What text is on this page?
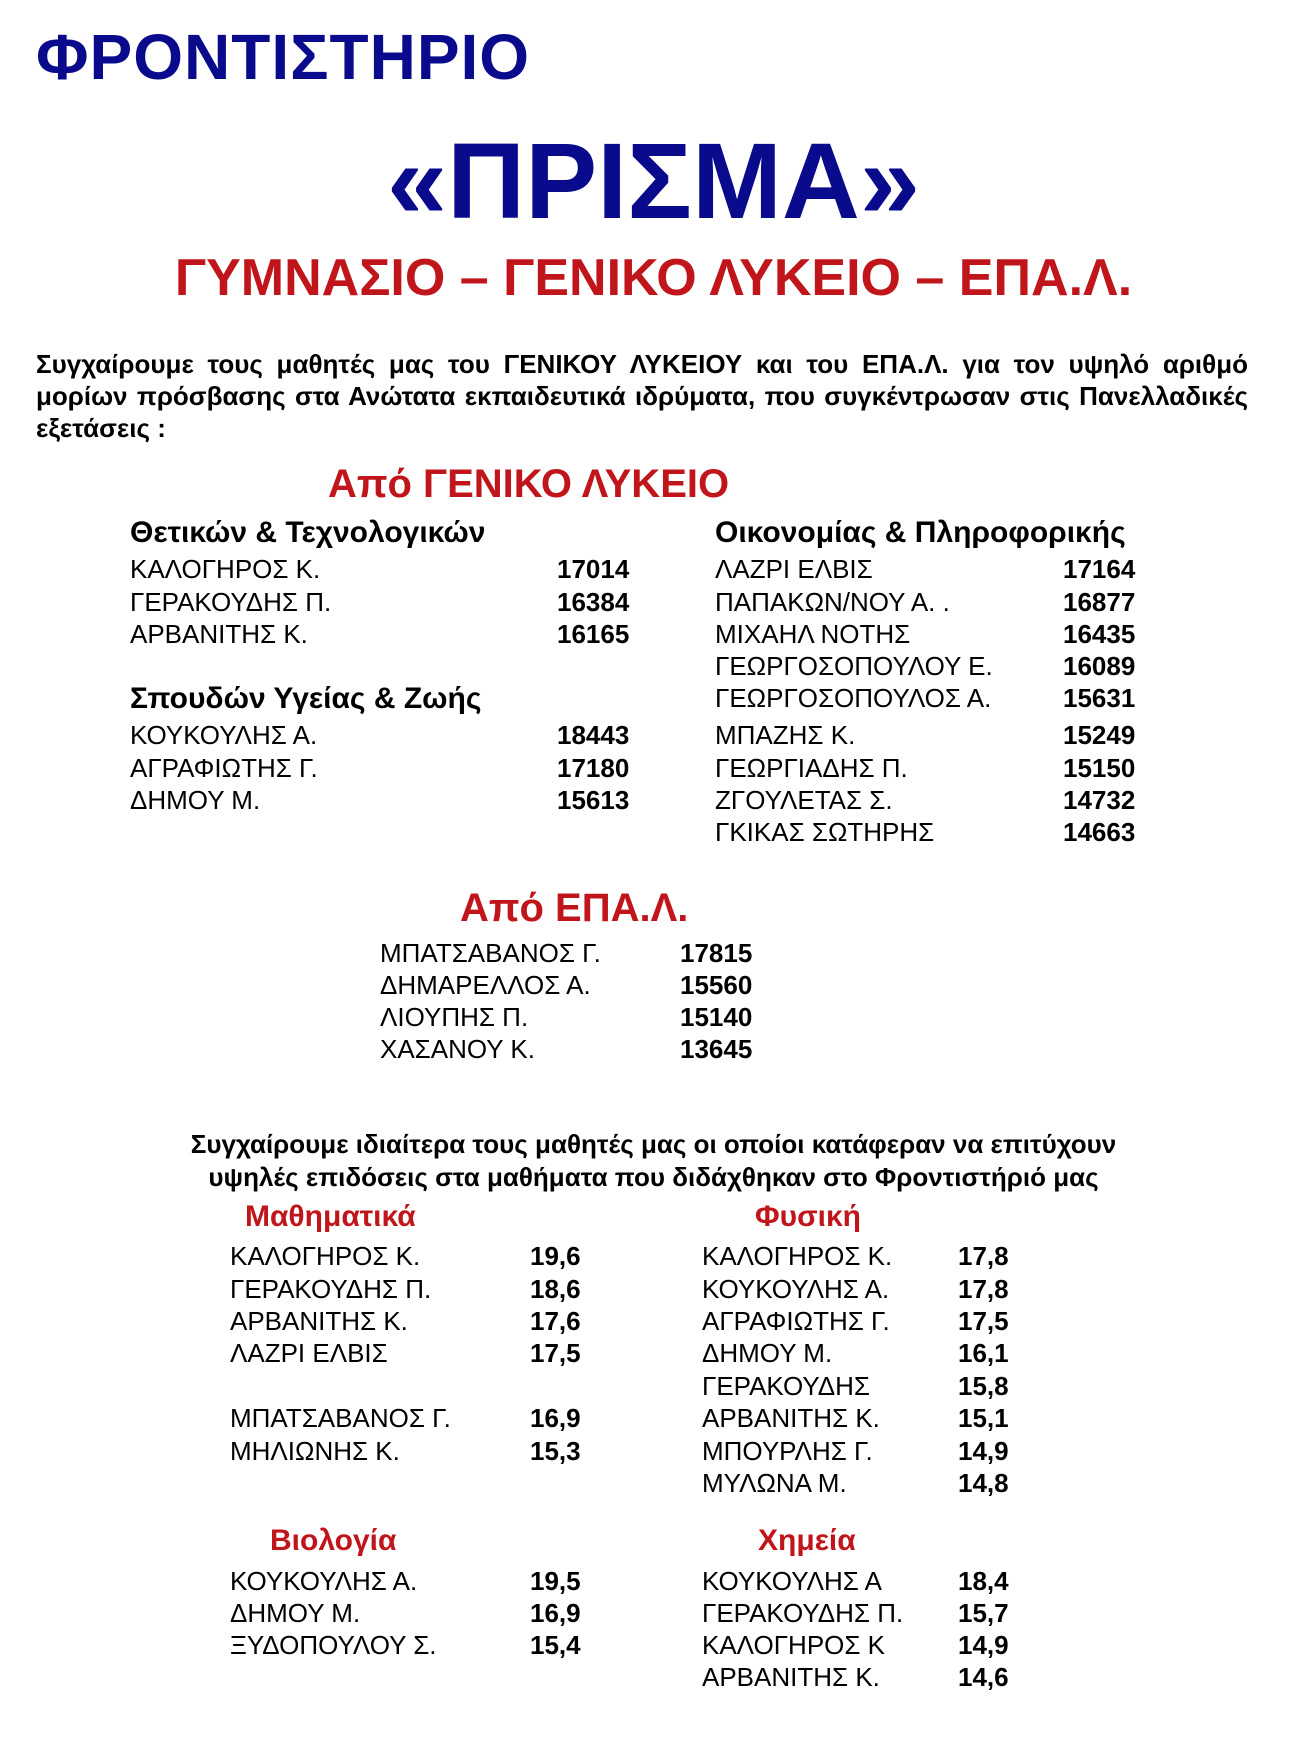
ΦΡΟΝΤΙΣΤΗΡΙΟ
«ΠΡΙΣΜΑ»
ΓΥΜΝΑΣΙΟ – ΓΕΝΙΚΟ ΛΥΚΕΙΟ – ΕΠΑ.Λ.
Συγχαίρουμε τους μαθητές μας του ΓΕΝΙΚΟΥ ΛΥΚΕΙΟΥ και του ΕΠΑ.Λ. για τον υψηλό αριθμό μορίων πρόσβασης στα Ανώτατα εκπαιδευτικά ιδρύματα, που συγκέντρωσαν στις Πανελλαδικές εξετάσεις :
Από ΓΕΝΙΚΟ ΛΥΚΕΙΟ
Θετικών & Τεχνολογικών
Σπουδών Υγείας & Ζωής
Οικονομίας & Πληροφορικής
Από ΕΠΑ.Λ.
Συγχαίρουμε ιδιαίτερα τους μαθητές μας οι οποίοι κατάφεραν να επιτύχουν
υψηλές επιδόσεις στα μαθήματα που διδάχθηκαν στο Φροντιστήριό μας
Μαθηματικά	Φυσική
Βιολογία	Χημεία
ΚΑΛΟΓΗΡΟΣ Κ.	17014
ΓΕΡΑΚΟΥΔΗΣ Π.	16384
ΑΡΒΑΝΙΤΗΣ Κ.	16165
ΚΟΥΚΟΥΛΗΣ Α.	18443
ΑΓΡΑΦΙΩΤΗΣ Γ.	17180
ΔΗΜΟΥ Μ.	15613
ΛΑΖΡΙ ΕΛΒΙΣ	17164
ΠΑΠΑΚΩΝ/ΝΟΥ Α. .	16877
ΜΙΧΑΗΛ ΝΟΤΗΣ	16435
ΓΕΩΡΓΟΣΟΠΟΥΛΟΥ Ε.	16089
ΓΕΩΡΓΟΣΟΠΟΥΛΟΣ Α.	15631
ΜΠΑΖΗΣ Κ.	15249
ΓΕΩΡΓΙΑΔΗΣ Π.	15150
ΖΓΟΥΛΕΤΑΣ Σ.	14732
ΓΚΙΚΑΣ ΣΩΤΗΡΗΣ	14663
ΜΠΑΤΣΑΒΑΝΟΣ Γ.	17815
ΔΗΜΑΡΕΛΛΟΣ Α.	15560
ΛΙΟΥΠΗΣ Π.	15140
ΧΑΣΑΝΟΥ Κ.	13645
ΚΑΛΟΓΗΡΟΣ Κ.	19,6
ΓΕΡΑΚΟΥΔΗΣ Π.	18,6
ΑΡΒΑΝΙΤΗΣ Κ.	17,6
ΛΑΖΡΙ ΕΛΒΙΣ	17,5
ΜΠΑΤΣΑΒΑΝΟΣ Γ.	16,9
ΜΗΛΙΩΝΗΣ Κ.	15,3
ΚΑΛΟΓΗΡΟΣ Κ.	17,8
ΚΟΥΚΟΥΛΗΣ Α.	17,8
ΑΓΡΑΦΙΩΤΗΣ Γ.	17,5
ΔΗΜΟΥ Μ.	16,1
ΓΕΡΑΚΟΥΔΗΣ	15,8
ΑΡΒΑΝΙΤΗΣ Κ.	15,1
ΜΠΟΥΡΛΗΣ Γ.	14,9
ΜΥΛΩΝΑ Μ.	14,8
ΚΟΥΚΟΥΛΗΣ Α.	19,5
ΔΗΜΟΥ Μ.	16,9
ΞΥΔΟΠΟΥΛΟΥ Σ.	15,4
ΚΟΥΚΟΥΛΗΣ Α	18,4
ΓΕΡΑΚΟΥΔΗΣ Π. 15,7
ΚΑΛΟΓΗΡΟΣ Κ	14,9
ΑΡΒΑΝΙΤΗΣ Κ.	14,6
